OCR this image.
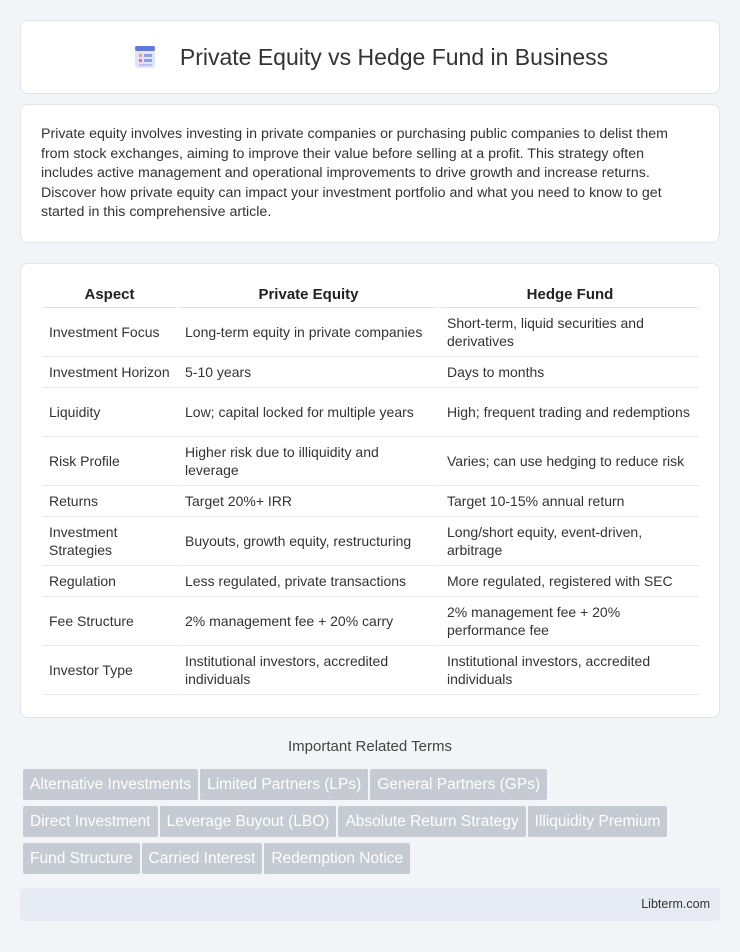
Private Equity vs Hedge Fund in Business

Private equity involves investing in private companies or purchasing public companies to delist them from stock exchanges, aiming to improve their value before selling at a profit. This strategy often includes active management and operational improvements to drive growth and increase returns. Discover how private equity can impact your investment portfolio and what you need to know to get started in this comprehensive article.

Aspect	Private Equity	Hedge Fund
Investment Focus	Long-term equity in private companies	Short-term, liquid securities and derivatives
Investment Horizon	5-10 years	Days to months
Liquidity	Low; capital locked for multiple years	High; frequent trading and redemptions
Risk Profile	Higher risk due to illiquidity and leverage	Varies; can use hedging to reduce risk
Returns	Target 20%+ IRR	Target 10-15% annual return
Investment Strategies	Buyouts, growth equity, restructuring	Long/short equity, event-driven, arbitrage
Regulation	Less regulated, private transactions	More regulated, registered with SEC
Fee Structure	2% management fee + 20% carry	2% management fee + 20% performance fee
Investor Type	Institutional investors, accredited individuals	Institutional investors, accredited individuals
Important Related Terms
Alternative Investments Limited Partners (LPs) General Partners (GPs)
Direct Investment Leverage Buyout (LBO) Absolute Return Strategy Illiquidity Premium
Fund Structure Carried Interest Redemption Notice
Libterm.com
